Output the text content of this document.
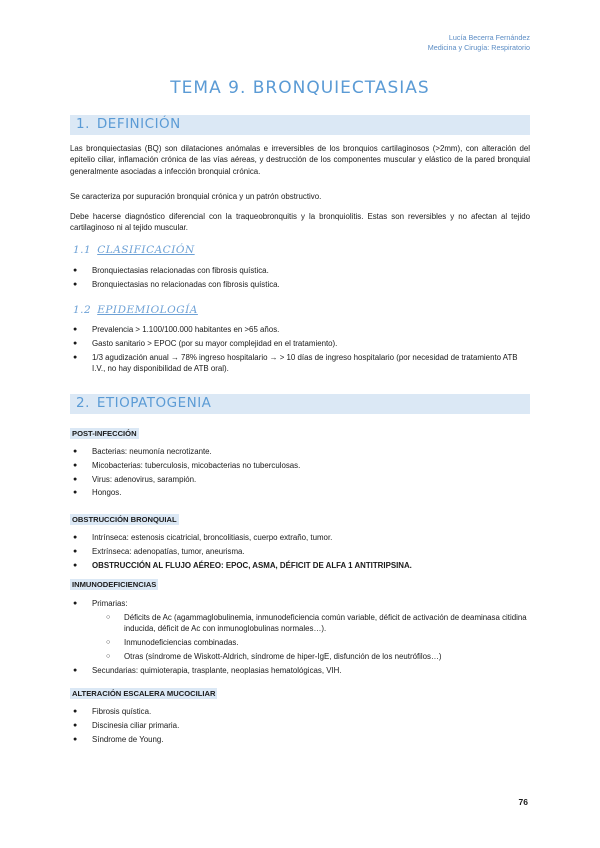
Lucía Becerra Fernández
Medicina y Cirugía: Respiratorio
TEMA 9. BRONQUIECTASIAS
1. DEFINICIÓN

Las bronquiectasias (BQ) son dilataciones anómalas e irreversibles de los bronquios cartilaginosos (>2mm), con alteración del epitelio ciliar, inflamación crónica de las vías aéreas, y destrucción de los componentes muscular y elástico de la pared bronquial generalmente asociadas a infección bronquial crónica.

Se caracteriza por supuración bronquial crónica y un patrón obstructivo.

Debe hacerse diagnóstico diferencial con la traqueobronquitis y la bronquiolitis. Estas son reversibles y no afectan al tejido cartilaginoso ni al tejido muscular.

1.1 CLASIFICACIÓN
● Bronquiectasias relacionadas con fibrosis quística.
● Bronquiectasias no relacionadas con fibrosis quística.
1.2 EPIDEMIOLOGÍA
● Prevalencia > 1.100/100.000 habitantes en >65 años.
● Gasto sanitario > EPOC (por su mayor complejidad en el tratamiento).
● 1/3 agudización anual → 78% ingreso hospitalario → > 10 días de ingreso hospitalario (por necesidad de tratamiento ATB I.V., no hay disponibilidad de ATB oral).
2. ETIOPATOGENIA
POST-INFECCIÓN
● Bacterias: neumonía necrotizante.
● Micobacterias: tuberculosis, micobacterias no tuberculosas.
● Virus: adenovirus, sarampión.
● Hongos.
OBSTRUCCIÓN BRONQUIAL
● Intrínseca: estenosis cicatricial, broncolitiasis, cuerpo extraño, tumor.
● Extrínseca: adenopatías, tumor, aneurisma.
● OBSTRUCCIÓN AL FLUJO AÉREO: EPOC, ASMA, DÉFICIT DE ALFA 1 ANTITRIPSINA.
INMUNODEFICIENCIAS
● Primarias:
○ Déficits de Ac (agammaglobulinemia, inmunodeficiencia común variable, déficit de activación de deaminasa citidina inducida, déficit de Ac con inmunoglobulinas normales…).
○ Inmunodeficiencias combinadas.
○ Otras (síndrome de Wiskott-Aldrich, síndrome de hiper-IgE, disfunción de los neutrófilos…)
● Secundarias: quimioterapia, trasplante, neoplasias hematológicas, VIH.
ALTERACIÓN ESCALERA MUCOCILIAR
● Fibrosis quística.
● Discinesia ciliar primaria.
● Síndrome de Young.
76
